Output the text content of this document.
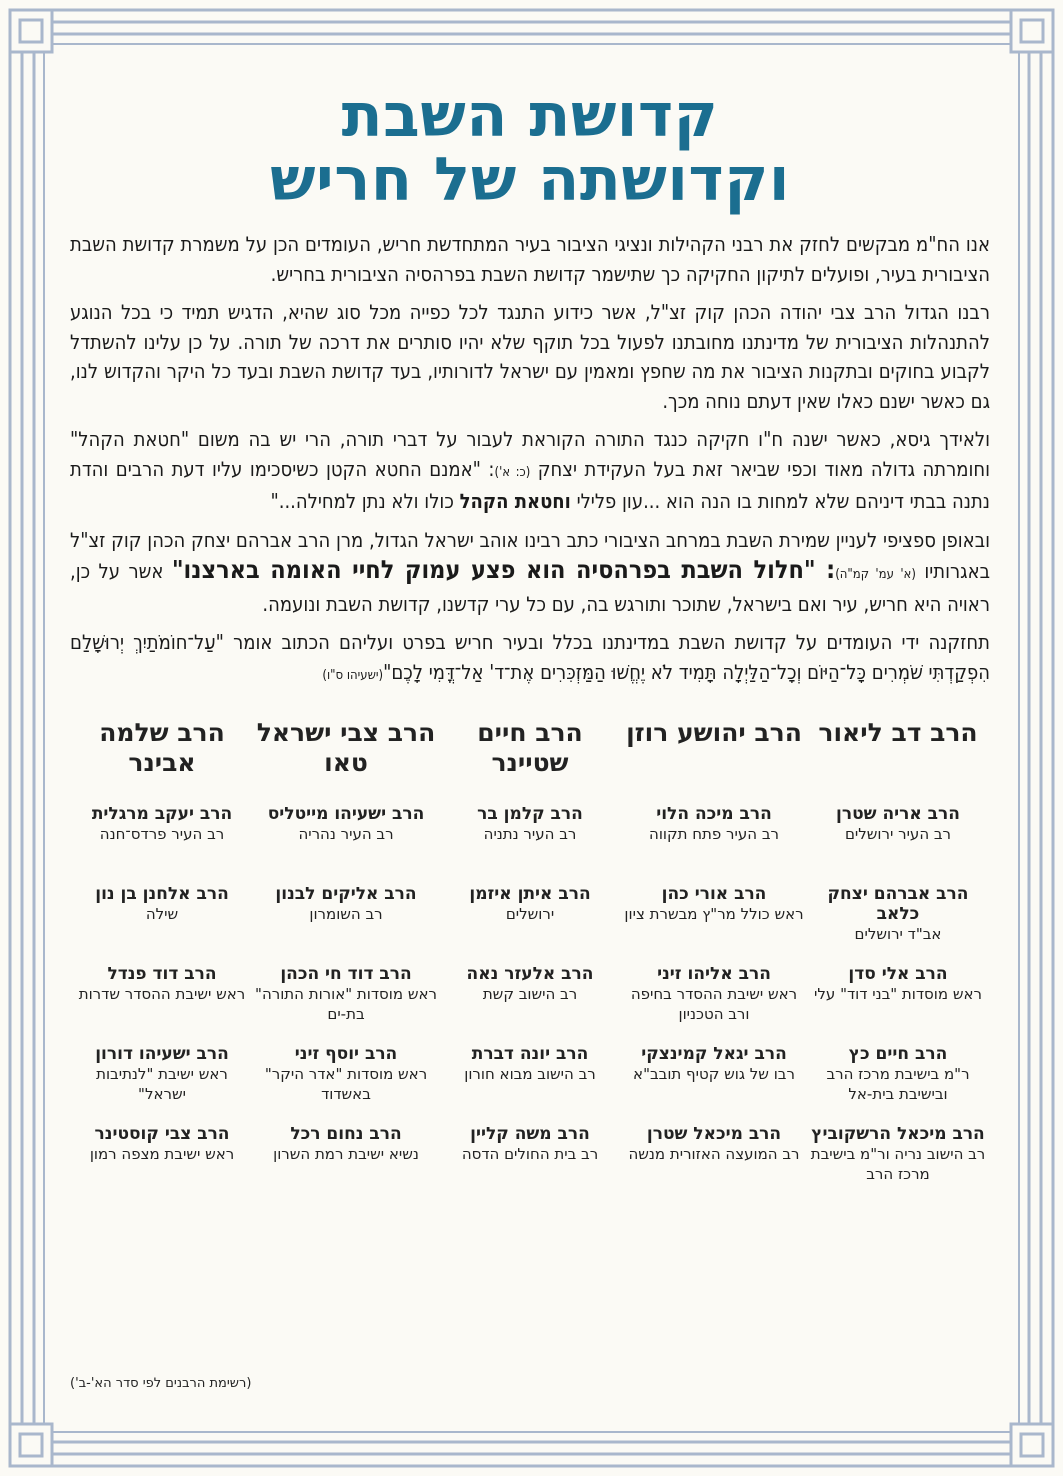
קדושת השבת
וקדושתה של חריש

אנו הח"מ מבקשים לחזק את רבני הקהילות ונציגי הציבור בעיר המתחדשת חריש, העומדים הכן על משמרת קדושת השבת הציבורית בעיר, ופועלים לתיקון החקיקה כך שתישמר קדושת השבת בפרהסיה הציבורית בחריש.

רבנו הגדול הרב צבי יהודה הכהן קוק זצ"ל, אשר כידוע התנגד לכל כפייה מכל סוג שהיא, הדגיש תמיד כי בכל הנוגע להתנהלות הציבורית של מדינתנו מחובתנו לפעול בכל תוקף שלא יהיו סותרים את דרכה של תורה. על כן עלינו להשתדל לקבוע בחוקים ובתקנות הציבור את מה שחפץ ומאמין עם ישראל לדורותיו, בעד קדושת השבת ובעד כל היקר והקדוש לנו, גם כאשר ישנם כאלו שאין דעתם נוחה מכך.

ולאידך גיסא, כאשר ישנה ח"ו חקיקה כנגד התורה הקוראת לעבור על דברי תורה, הרי יש בה משום "חטאת הקהל" וחומרתה גדולה מאוד וכפי שביאר זאת בעל העקידת יצחק (כ: א'): "אמנם החטא הקטן כשיסכימו עליו דעת הרבים והדת נתנה בבתי דיניהם שלא למחות בו הנה הוא ...עון פלילי וחטאת הקהל כולו ולא נתן למחילה..."

ובאופן ספציפי לעניין שמירת השבת במרחב הציבורי כתב רבינו אוהב ישראל הגדול, מרן הרב אברהם יצחק הכהן קוק זצ"ל באגרותיו (א' עמ' קמ"ה): "חלול השבת בפרהסיה הוא פצע עמוק לחיי האומה בארצנו" אשר על כן, ראויה היא חריש, עיר ואם בישראל, שתוכר ותורגש בה, עם כל ערי קדשנו, קדושת השבת ונועמה.

תחזקנה ידי העומדים על קדושת השבת במדינתנו בכלל ובעיר חריש בפרט ועליהם הכתוב אומר "עַל־חוֹמֹתַיִךְ יְרוּשָׁלִַם הִפְקַדְתִּי שֹׁמְרִים כָּל־הַיּוֹם וְכָל־הַלַּיְלָה תָּמִיד לֹא יֶחֱשׁוּ הַמַּזְכִּרִים אֶת־ד' אַל־דֳּמִי לָכֶם"(ישעיהו ס"ו)

הרב דב ליאור
הרב יהושע רוזן
הרב חיים שטיינר
הרב צבי ישראל טאו
הרב שלמה אבינר
הרב אריה שטרן
רב העיר ירושלים
הרב אברהם יצחק כלאב
אב"ד ירושלים
הרב אלי סדן
ראש מוסדות "בני דוד" עלי
הרב חיים כץ
ר"מ בישיבת מרכז הרב ובישיבת בית-אל
הרב מיכאל הרשקוביץ
רב הישוב נריה ור"מ בישיבת מרכז הרב
הרב מיכה הלוי
רב העיר פתח תקווה
הרב אורי כהן
ראש כולל מר"ץ מבשרת ציון
הרב אליהו זיני
ראש ישיבת ההסדר בחיפה ורב הטכניון
הרב יגאל קמינצקי
רבו של גוש קטיף תובב"א
הרב מיכאל שטרן
רב המועצה האזורית מנשה
הרב קלמן בר
רב העיר נתניה
הרב איתן איזמן
ירושלים
הרב אלעזר נאה
רב הישוב קשת
הרב יונה דברת
רב הישוב מבוא חורון
הרב משה קליין
רב בית החולים הדסה
הרב ישעיהו מייטליס
רב העיר נהריה
הרב אליקים לבנון
רב השומרון
הרב דוד חי הכהן
ראש מוסדות "אורות התורה" בת-ים
הרב יוסף זיני
ראש מוסדות "אדר היקר" באשדוד
הרב נחום רכל
נשיא ישיבת רמת השרון
הרב יעקב מרגלית
רב העיר פרדס־חנה
הרב אלחנן בן נון
שילה
הרב דוד פנדל
ראש ישיבת ההסדר שדרות
הרב ישעיהו דורון
ראש ישיבת "לנתיבות ישראל"
הרב צבי קוסטינר
ראש ישיבת מצפה רמון
(רשימת הרבנים לפי סדר הא'-ב')
